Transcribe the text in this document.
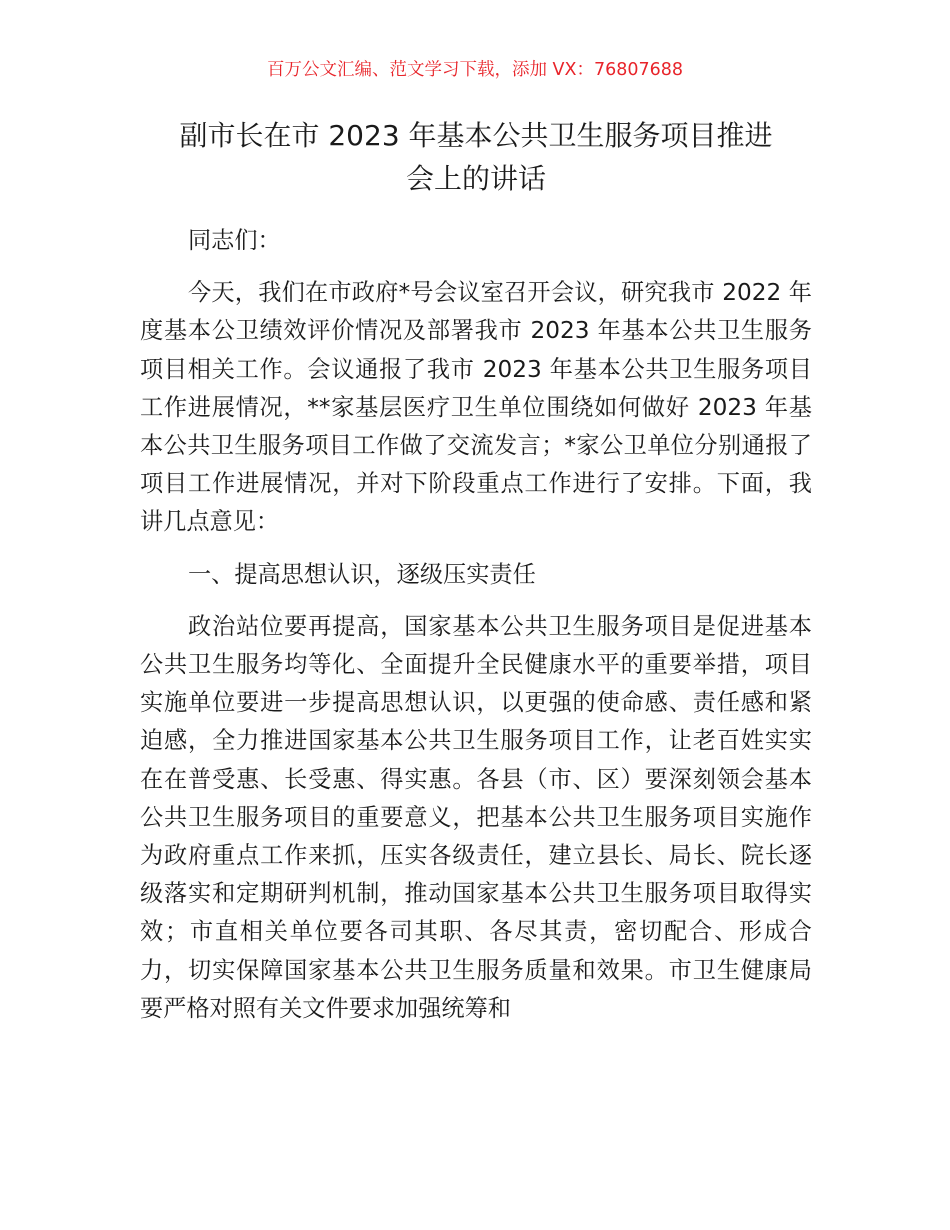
百万公文汇编、范文学习下载，添加 VX：76807688
副市长在市 2023 年基本公共卫生服务项目推进
会上的讲话

同志们：

今天，我们在市政府*号会议室召开会议，研究我市 2022 年度基本公卫绩效评价情况及部署我市 2023 年基本公共卫生服务项目相关工作。会议通报了我市 2023 年基本公共卫生服务项目工作进展情况，**家基层医疗卫生单位围绕如何做好 2023 年基本公共卫生服务项目工作做了交流发言；*家公卫单位分别通报了项目工作进展情况，并对下阶段重点工作进行了安排。下面，我讲几点意见：

一、提高思想认识，逐级压实责任

政治站位要再提高，国家基本公共卫生服务项目是促进基本公共卫生服务均等化、全面提升全民健康水平的重要举措，项目实施单位要进一步提高思想认识，以更强的使命感、责任感和紧迫感，全力推进国家基本公共卫生服务项目工作，让老百姓实实在在普受惠、长受惠、得实惠。各县（市、区）要深刻领会基本公共卫生服务项目的重要意义，把基本公共卫生服务项目实施作为政府重点工作来抓，压实各级责任，建立县长、局长、院长逐级落实和定期研判机制，推动国家基本公共卫生服务项目取得实效；市直相关单位要各司其职、各尽其责，密切配合、形成合力，切实保障国家基本公共卫生服务质量和效果。市卫生健康局要严格对照有关文件要求加强统筹和
